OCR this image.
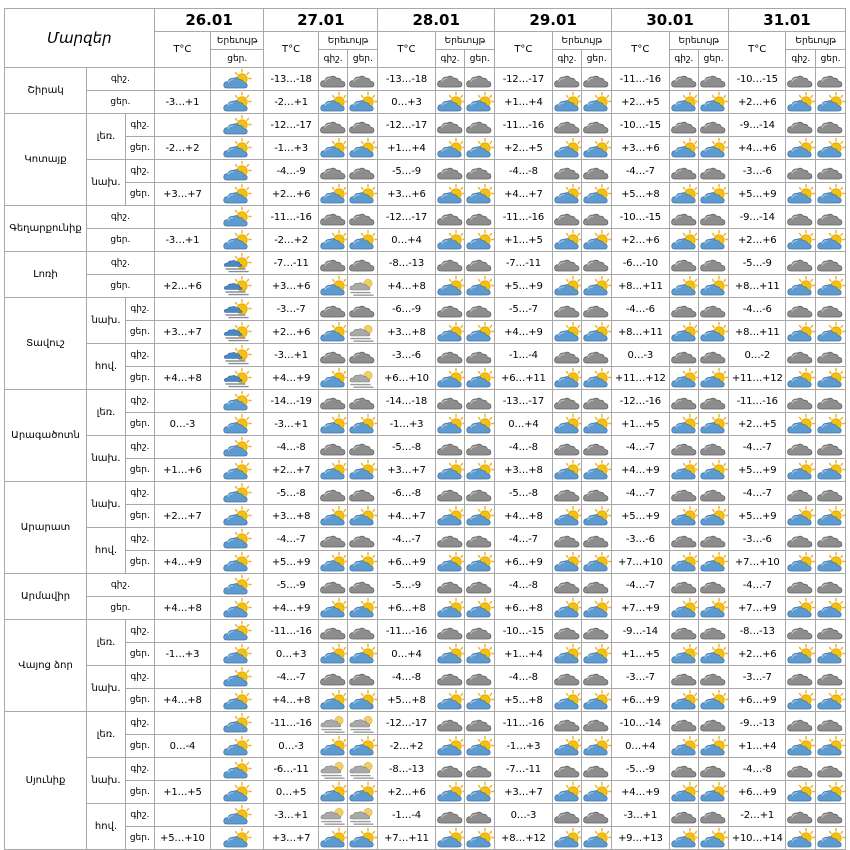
Մարզեր			26.01		27.01			28.01			29.01			30.01			31.01		
			T°C	Երեւույթ	T°C	Երեւույթ		T°C	Երեւույթ		T°C	Երեւույթ		T°C	Երեւույթ		T°C	Երեւույթ	
				ցեր.		գիշ.	ցեր.		գիշ.	ցեր.		գիշ.	ցեր.		գիշ.	ցեր.		գիշ.	ցեր.
Շիրակ	գիշ.				-13…-18			-13…-18			-12…-17			-11…-16			-10…-15		
	ցեր.		-3…+1		-2…+1			0…+3			+1…+4			+2…+5			+2…+6		
Կոտայք	լեռ.	գիշ.			-12…-17			-12…-17			-11…-16			-10…-15			-9…-14		
		ցեր.	-2…+2		-1…+3			+1…+4			+2…+5			+3…+6			+4…+6		
	նախ.	գիշ.			-4…-9			-5…-9			-4…-8			-4…-7			-3…-6		
		ցեր.	+3…+7		+2…+6			+3…+6			+4…+7			+5…+8			+5…+9		
Գեղարքունիք	գիշ.				-11…-16			-12…-17			-11…-16			-10…-15			-9…-14		
	ցեր.		-3…+1		-2…+2			0…+4			+1…+5			+2…+6			+2…+6		
Լոռի	գիշ.				-7…-11			-8…-13			-7…-11			-6…-10			-5…-9		
	ցեր.		+2…+6		+3…+6			+4…+8			+5…+9			+8…+11			+8…+11		
Տավուշ	նախ.	գիշ.			-3…-7			-6…-9			-5…-7			-4…-6			-4…-6		
		ցեր.	+3…+7		+2…+6			+3…+8			+4…+9			+8…+11			+8…+11		
	հով.	գիշ.			-3…+1			-3…-6			-1…-4			0…-3			0…-2		
		ցեր.	+4…+8		+4…+9			+6…+10			+6…+11			+11…+12			+11…+12		
Արագածոտն	լեռ.	գիշ.			-14…-19			-14…-18			-13…-17			-12…-16			-11…-16		
		ցեր.	0…-3		-3…+1			-1…+3			0…+4			+1…+5			+2…+5		
	նախ.	գիշ.			-4…-8			-5…-8			-4…-8			-4…-7			-4…-7		
		ցեր.	+1…+6		+2…+7			+3…+7			+3…+8			+4…+9			+5…+9		
Արարատ	նախ.	գիշ.			-5…-8			-6…-8			-5…-8			-4…-7			-4…-7		
		ցեր.	+2…+7		+3…+8			+4…+7			+4…+8			+5…+9			+5…+9		
	հով.	գիշ.			-4…-7			-4…-7			-4…-7			-3…-6			-3…-6		
		ցեր.	+4…+9		+5…+9			+6…+9			+6…+9			+7…+10			+7…+10		
Արմավիր	գիշ.				-5…-9			-5…-9			-4…-8			-4…-7			-4…-7		
	ցեր.		+4…+8		+4…+9			+6…+8			+6…+8			+7…+9			+7…+9		
Վայոց ձոր	լեռ.	գիշ.			-11…-16			-11…-16			-10…-15			-9…-14			-8…-13		
		ցեր.	-1…+3		0…+3			0…+4			+1…+4			+1…+5			+2…+6		
	նախ.	գիշ.			-4…-7			-4…-8			-4…-8			-3…-7			-3…-7		
		ցեր.	+4…+8		+4…+8			+5…+8			+5…+8			+6…+9			+6…+9		
Սյունիք	լեռ.	գիշ.			-11…-16			-12…-17			-11…-16			-10…-14			-9…-13		
		ցեր.	0…-4		0…-3			-2…+2			-1…+3			0…+4			+1…+4		
	նախ.	գիշ.			-6…-11			-8…-13			-7…-11			-5…-9			-4…-8		
		ցեր.	+1…+5		0…+5			+2…+6			+3…+7			+4…+9			+6…+9		
	հով.	գիշ.			-3…+1			-1…-4			0…-3			-3…+1			-2…+1		
		ցեր.	+5…+10		+3…+7			+7…+11			+8…+12			+9…+13			+10…+14		
